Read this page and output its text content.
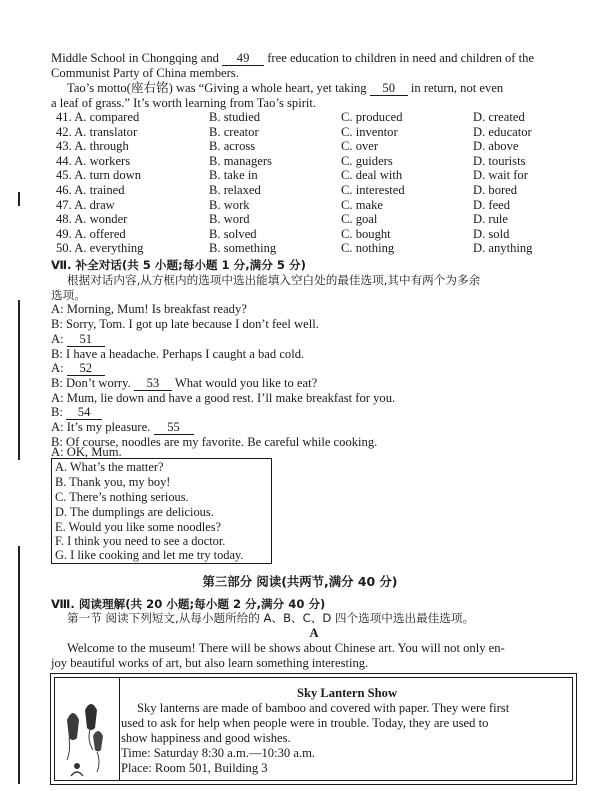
Middle School in Chongqing and 49 free education to children in need and children of the
Communist Party of China members.
Tao’s motto(座右铭) was “Giving a whole heart, yet taking 50 in return, not even
a leaf of grass.” It’s worth learning from Tao’s spirit.
41. A. compared	B. studied	C. produced	D. created
42. A. translator	B. creator	C. inventor	D. educator
43. A. through	B. across	C. over	D. above
44. A. workers	B. managers	C. guiders	D. tourists
45. A. turn down	B. take in	C. deal with	D. wait for
46. A. trained	B. relaxed	C. interested	D. bored
47. A. draw	B. work	C. make	D. feed
48. A. wonder	B. word	C. goal	D. rule
49. A. offered	B. solved	C. bought	D. sold
50. A. everything	B. something	C. nothing	D. anything
Ⅶ. 补全对话(共 5 小题;每小题 1 分,满分 5 分)
根据对话内容,从方框内的选项中选出能填入空白处的最佳选项,其中有两个为多余
选项。
A: Morning, Mum! Is breakfast ready?
B: Sorry, Tom. I got up late because I don’t feel well.
A: 51
B: I have a headache. Perhaps I caught a bad cold.
A: 52
B: Don’t worry. 53 What would you like to eat?
A: Mum, lie down and have a good rest. I’ll make breakfast for you.
B: 54
A: It’s my pleasure. 55
B: Of course, noodles are my favorite. Be careful while cooking.
A: OK, Mum.
A. What’s the matter?
B. Thank you, my boy!
C. There’s nothing serious.
D. The dumplings are delicious.
E. Would you like some noodles?
F. I think you need to see a doctor.
G. I like cooking and let me try today.
第三部分 阅读(共两节,满分 40 分)
Ⅷ. 阅读理解(共 20 小题;每小题 2 分,满分 40 分)
第一节 阅读下列短文,从每小题所给的 A、B、C、D 四个选项中选出最佳选项。
A
Welcome to the museum! There will be shows about Chinese art. You will not only en-
joy beautiful works of art, but also learn something interesting.
Sky Lantern Show
Sky lanterns are made of bamboo and covered with paper. They were first
used to ask for help when people were in trouble. Today, they are used to
show happiness and good wishes.
Time: Saturday 8:30 a.m.—10:30 a.m.
Place: Room 501, Building 3
